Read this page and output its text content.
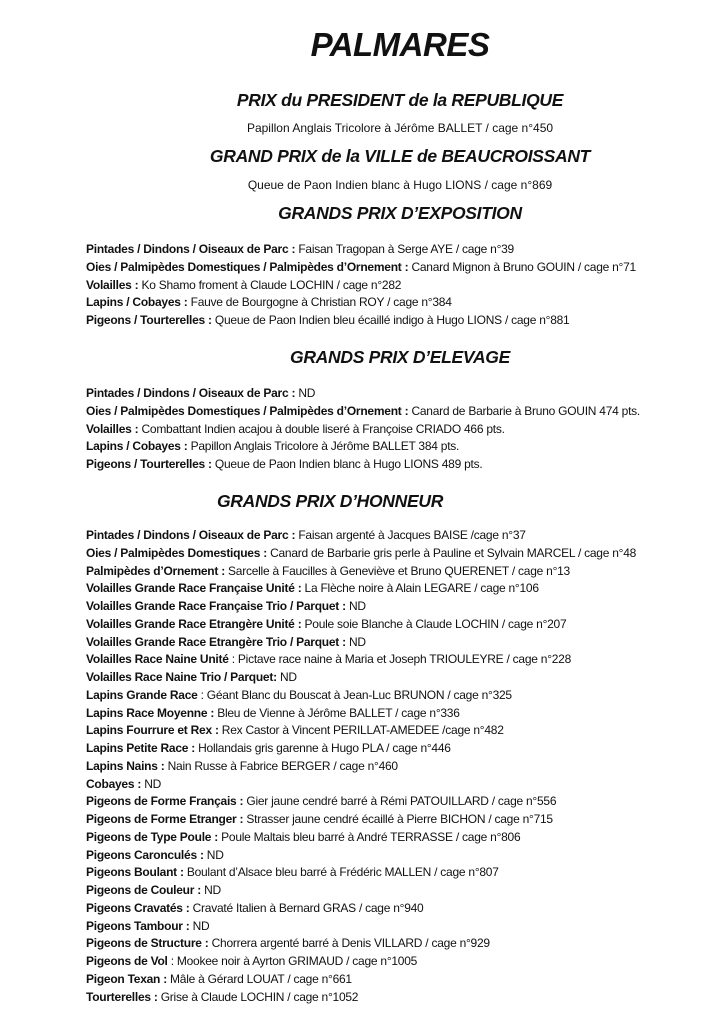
PALMARES
PRIX du PRESIDENT de la REPUBLIQUE
Papillon Anglais Tricolore à Jérôme BALLET / cage n°450
GRAND PRIX de la VILLE de BEAUCROISSANT
Queue de Paon Indien blanc à Hugo LIONS / cage n°869
GRANDS PRIX D’EXPOSITION
Pintades / Dindons / Oiseaux de Parc : Faisan Tragopan à Serge AYE / cage n°39
Oies / Palmipèdes Domestiques / Palmipèdes d’Ornement : Canard Mignon à Bruno GOUIN / cage n°71
Volailles : Ko Shamo froment à Claude LOCHIN / cage n°282
Lapins / Cobayes : Fauve de Bourgogne à Christian ROY / cage n°384
Pigeons / Tourterelles : Queue de Paon Indien bleu écaillé indigo à Hugo LIONS / cage n°881
GRANDS PRIX D’ELEVAGE
Pintades / Dindons / Oiseaux de Parc : ND
Oies / Palmipèdes Domestiques / Palmipèdes d’Ornement : Canard de Barbarie à Bruno GOUIN 474 pts.
Volailles : Combattant Indien acajou à double liseré à Françoise CRIADO 466 pts.
Lapins / Cobayes : Papillon Anglais Tricolore à Jérôme BALLET 384 pts.
Pigeons / Tourterelles : Queue de Paon Indien blanc à Hugo LIONS 489 pts.
GRANDS PRIX D’HONNEUR
Pintades / Dindons / Oiseaux de Parc : Faisan argenté à Jacques BAISE /cage n°37
Oies / Palmipèdes Domestiques : Canard de Barbarie gris perle à Pauline et Sylvain MARCEL / cage n°48
Palmipèdes d’Ornement : Sarcelle à Faucilles à Geneviève et Bruno QUERENET / cage n°13
Volailles Grande Race Française Unité : La Flèche noire à Alain LEGARE / cage n°106
Volailles Grande Race Française Trio / Parquet : ND
Volailles Grande Race Etrangère Unité : Poule soie Blanche à Claude LOCHIN / cage n°207
Volailles Grande Race Etrangère Trio / Parquet : ND
Volailles Race Naine Unité : Pictave race naine à Maria et Joseph TRIOULEYRE / cage n°228
Volailles Race Naine Trio / Parquet: ND
Lapins Grande Race : Géant Blanc du Bouscat à Jean-Luc BRUNON / cage n°325
Lapins Race Moyenne : Bleu de Vienne à Jérôme BALLET / cage n°336
Lapins Fourrure et Rex : Rex Castor à Vincent PERILLAT-AMEDEE /cage n°482
Lapins Petite Race : Hollandais gris garenne à Hugo PLA / cage n°446
Lapins Nains : Nain Russe à Fabrice BERGER / cage n°460
Cobayes : ND
Pigeons de Forme Français : Gier jaune cendré barré à Rémi PATOUILLARD / cage n°556
Pigeons de Forme Etranger : Strasser jaune cendré écaillé à Pierre BICHON / cage n°715
Pigeons de Type Poule : Poule Maltais bleu barré à André TERRASSE / cage n°806
Pigeons Caronculés : ND
Pigeons Boulant : Boulant d’Alsace bleu barré à Frédéric MALLEN / cage n°807
Pigeons de Couleur : ND
Pigeons Cravatés : Cravaté Italien à Bernard GRAS / cage n°940
Pigeons Tambour : ND
Pigeons de Structure : Chorrera argenté barré à Denis VILLARD / cage n°929
Pigeons de Vol : Mookee noir à Ayrton GRIMAUD / cage n°1005
Pigeon Texan : Mâle à Gérard LOUAT / cage n°661
Tourterelles : Grise à Claude LOCHIN / cage n°1052
